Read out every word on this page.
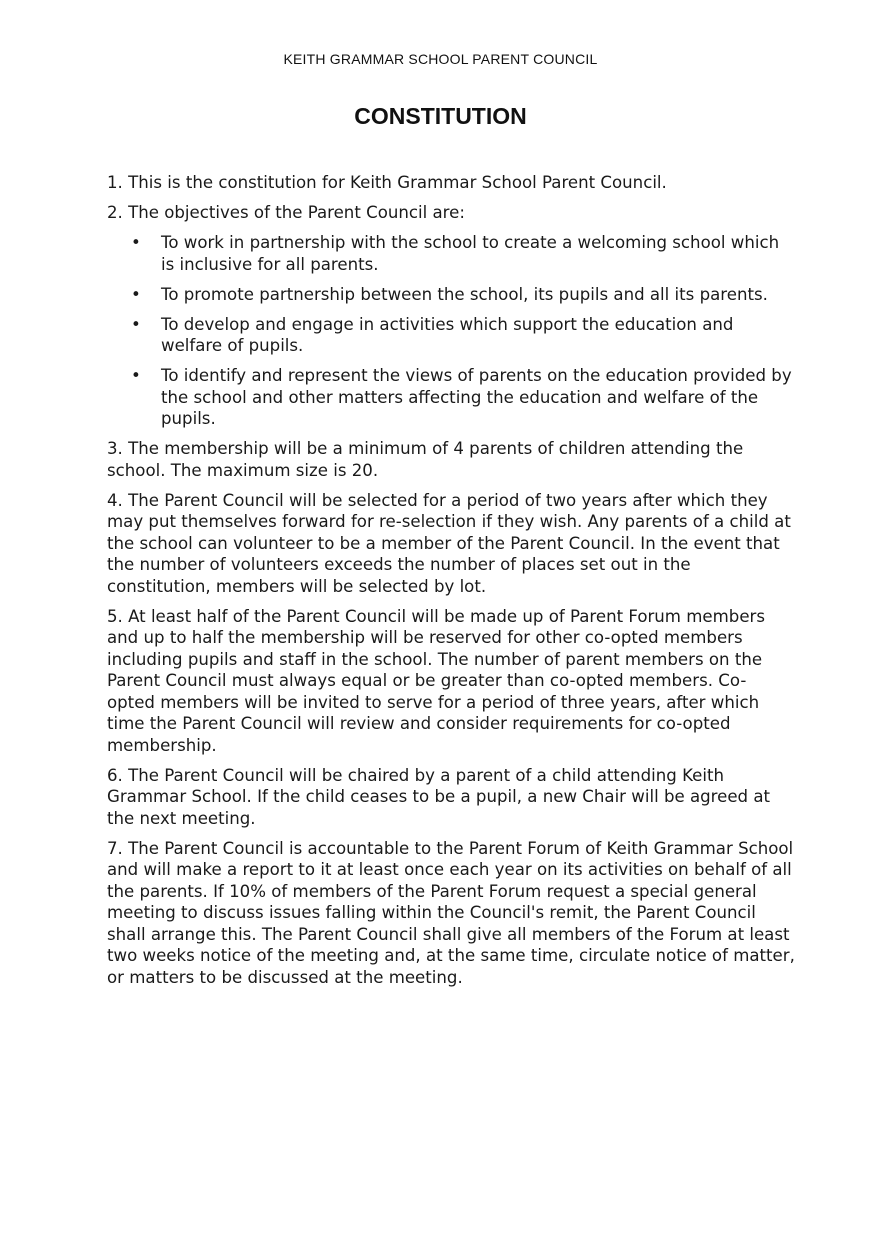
KEITH GRAMMAR SCHOOL PARENT COUNCIL
CONSTITUTION

1. This is the constitution for Keith Grammar School Parent Council.

2. The objectives of the Parent Council are:

• To work in partnership with the school to create a welcoming school which is inclusive for all parents.
• To promote partnership between the school, its pupils and all its parents.
• To develop and engage in activities which support the education and welfare of pupils.
• To identify and represent the views of parents on the education provided by the school and other matters affecting the education and welfare of the pupils.

3. The membership will be a minimum of 4 parents of children attending the school. The maximum size is 20.

4. The Parent Council will be selected for a period of two years after which they may put themselves forward for re-selection if they wish. Any parents of a child at the school can volunteer to be a member of the Parent Council. In the event that the number of volunteers exceeds the number of places set out in the constitution, members will be selected by lot.

5. At least half of the Parent Council will be made up of Parent Forum members and up to half the membership will be reserved for other co-opted members including pupils and staff in the school. The number of parent members on the Parent Council must always equal or be greater than co-opted members. Co- opted members will be invited to serve for a period of three years, after which time the Parent Council will review and consider requirements for co-opted membership.

6. The Parent Council will be chaired by a parent of a child attending Keith Grammar School. If the child ceases to be a pupil, a new Chair will be agreed at the next meeting.

7. The Parent Council is accountable to the Parent Forum of Keith Grammar School and will make a report to it at least once each year on its activities on behalf of all the parents. If 10% of members of the Parent Forum request a special general meeting to discuss issues falling within the Council's remit, the Parent Council shall arrange this. The Parent Council shall give all members of the Forum at least two weeks notice of the meeting and, at the same time, circulate notice of matter, or matters to be discussed at the meeting.
